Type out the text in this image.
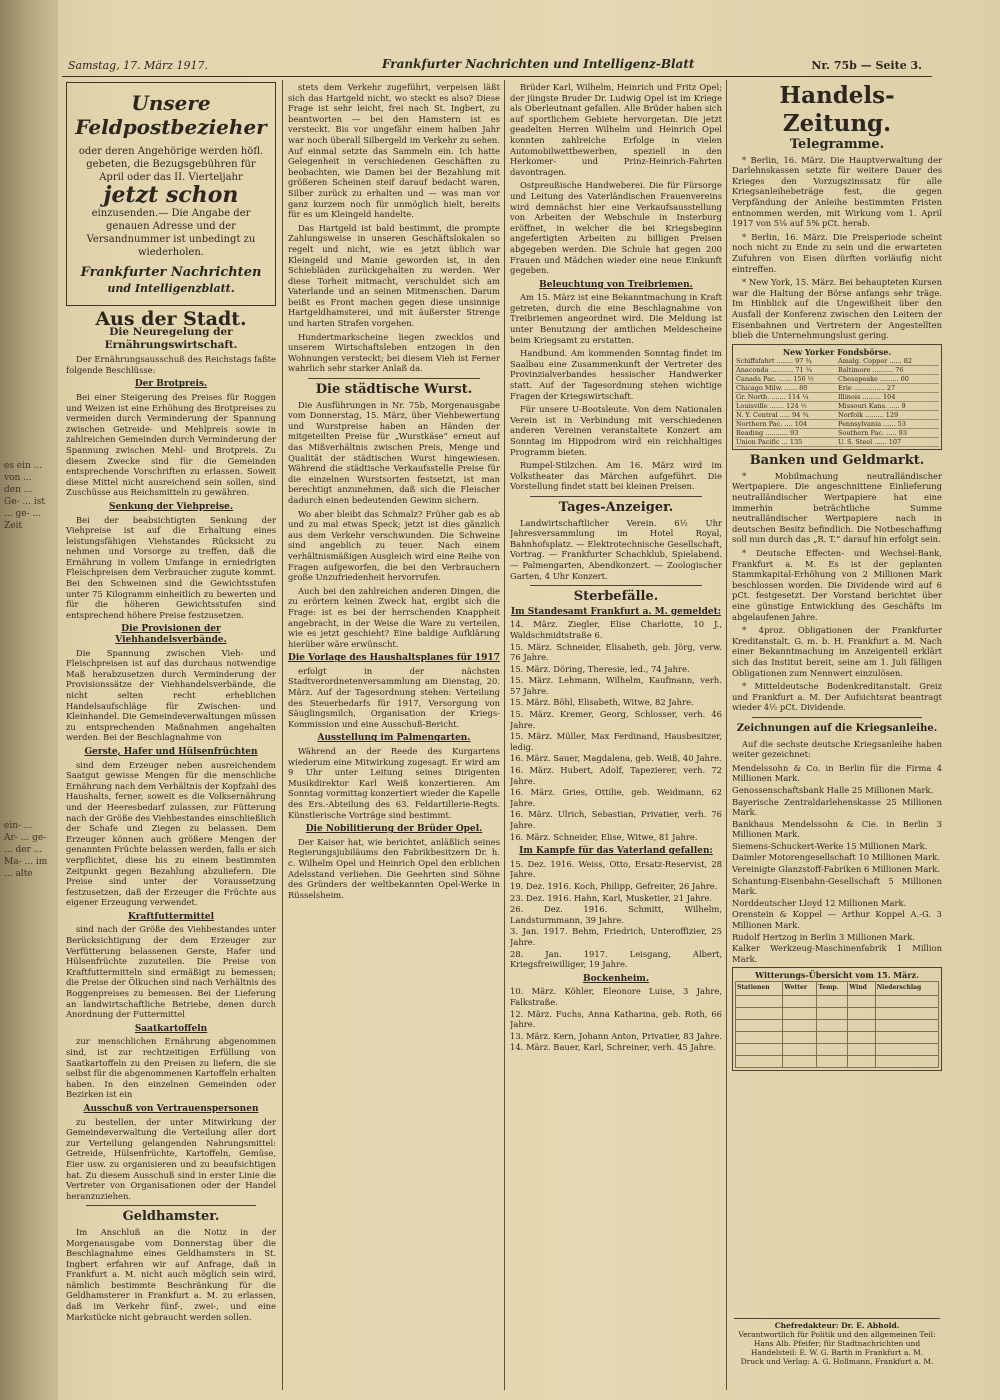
es ein ... von ... den ... Ge- ... ist ... ge- ... Zeit
ein- ... Ar- ... ge- ... der ... Ma- ... im ... alte
Samstag, 17. März 1917.	Frankfurter Nachrichten und Intelligenz-Blatt	Nr. 75b — Seite 3.
Unsere Feldpostbezieher
oder deren Angehörige werden höfl. gebeten, die Bezugsgebühren für April oder das II. Vierteljahr
jetzt schon
einzusenden.— Die Angabe der genauen Adresse und der Versandnummer ist unbedingt zu wiederholen.
Frankfurter Nachrichten
und Intelligenzblatt.
Aus der Stadt.
Die Neuregelung der Ernährungswirtschaft.

Der Ernährungsausschuß des Reichstags faßte folgende Beschlüsse:

Der Brotpreis.

Bei einer Steigerung des Preises für Roggen und Weizen ist eine Erhöhung des Brotpreises zu vermeiden durch Verminderung der Spannung zwischen Getreide- und Mehlpreis sowie in zahlreichen Gemeinden durch Verminderung der Spannung zwischen Mehl- und Brotpreis. Zu diesem Zwecke sind für die Gemeinden entsprechende Vorschriften zu erlassen. Soweit diese Mittel nicht ausreichend sein sollen, sind Zuschüsse aus Reichsmitteln zu gewähren.

Senkung der Viehpreise.

Bei der beabsichtigten Senkung der Viehpreise ist auf die Erhaltung eines leistungsfähigen Viehstandes Rücksicht zu nehmen und Vorsorge zu treffen, daß die Ernährung in vollem Umfange in erniedrigten Fleischpreisen dem Verbraucher zugute kommt. Bei den Schweinen sind die Gewichtsstufen unter 75 Kilogramm einheitlich zu bewerten und für die höheren Gewichtsstufen sind entsprechend höhere Preise festzusetzen.

Die Provisionen der Viehhandelsverbände.

Die Spannung zwischen Vieh- und Fleischpreisen ist auf das durchaus notwendige Maß herabzusetzen durch Verminderung der Provisionssätze der Viehhandelsverbände, die nicht selten recht erheblichen Handelsaufschläge für Zwischen- und Kleinhandel. Die Gemeindeverwaltungen müssen zu entsprechenden Maßnahmen angehalten werden. Bei der Beschlagnahme von

Gerste, Hafer und Hülsenfrüchten

sind dem Erzeuger neben ausreichendem Saatgut gewisse Mengen für die menschliche Ernährung nach dem Verhältnis der Kopfzahl des Haushalts, ferner, soweit es die Volksernährung und der Heeresbedarf zulassen, zur Fütterung nach der Größe des Viehbestandes einschließlich der Schafe und Ziegen zu belassen. Dem Erzeuger können auch größere Mengen der genannten Früchte belassen werden, falls er sich verpflichtet, diese bis zu einem bestimmten Zeitpunkt gegen Bezahlung abzuliefern. Die Preise sind unter der Voraussetzung festzusetzen, daß der Erzeuger die Früchte aus eigener Erzeugung verwendet.

Kraftfuttermittel

sind nach der Größe des Viehbestandes unter Berücksichtigung der dem Erzeuger zur Verfütterung belassenen Gerste, Hafer und Hülsenfrüchte zuzuteilen. Die Preise von Kraftfuttermitteln sind ermäßigt zu bemessen; die Preise der Ölkuchen sind nach Verhältnis des Roggenpreises zu bemessen. Bei der Lieferung an landwirtschaftliche Betriebe, denen durch Anordnung der Futtermittel

Saatkartoffeln

zur menschlichen Ernährung abgenommen sind, ist zur rechtzeitigen Erfüllung von Saatkartoffeln zu den Preisen zu liefern, die sie selbst für die abgenommenen Kartoffeln erhalten haben. In den einzelnen Gemeinden oder Bezirken ist ein

Ausschuß von Vertrauenspersonen

zu bestellen, der unter Mitwirkung der Gemeindeverwaltung die Verteilung aller dort zur Verteilung gelangenden Nahrungsmittel: Getreide, Hülsenfrüchte, Kartoffeln, Gemüse, Eier usw. zu organisieren und zu beaufsichtigen hat. Zu diesem Ausschuß sind in erster Linie die Vertreter von Organisationen oder der Handel heranzuziehen.

Geldhamster.

Im Anschluß an die Notiz in der Morgenausgabe vom Donnerstag über die Beschlagnahme eines Geldhamsters in St. Ingbert erfahren wir auf Anfrage, daß in Frankfurt a. M. nicht auch möglich sein wird, nämlich bestimmte Beschränkung für die Geldhamsterer in Frankfurt a. M. zu erlassen, daß im Verkehr fünf-, zwei-, und eine Markstücke nicht gebraucht werden sollen.

stets dem Verkehr zugeführt, verpeisen läßt sich das Hartgeld nicht, wo steckt es also? Diese Frage ist sehr leicht, frei nach St. Ingbert, zu beantworten — bei den Hamstern ist es versteckt. Bis vor ungefähr einem halben Jahr war noch überall Silbergeld im Verkehr zu sehen. Auf einmal setzte das Sammeln ein. Ich hatte Gelegenheit in verschiedenen Geschäften zu beobachten, wie Damen bei der Bezahlung mit größeren Scheinen steif darauf bedacht waren, Silber zurück zu erhalten und — was man vor ganz kurzem noch für unmöglich hielt, bereits für es um Kleingeld handelte.

Das Hartgeld ist bald bestimmt, die prompte Zahlungsweise in unseren Geschäftslokalen so regelt und nicht, wie es jetzt üblich war Kleingeld und Manie geworden ist, in den Schiebläden zurückgehalten zu werden. Wer diese Torheit mitmacht, verschuldet sich am Vaterlande und an seinen Mitmenschen. Darum beißt es Front machen gegen diese unsinnige Hartgeldhamsterei, und mit äußerster Strenge und harten Strafen vorgehen.

Hundertmarkscheine liegen zwecklos und unserem Wirtschaftsleben entzogen in den Wohnungen versteckt; bei diesem Vieh ist Ferner wahrlich sehr starker Anlaß da.

Die städtische Wurst.

Die Ausführungen in Nr. 75b, Morgenausgabe vom Donnerstag, 15. März, über Viehbewertung und Wurstpreise haben an Händen der mitgeteilten Preise für „Wurstkäse“ erneut auf das Mißverhältnis zwischen Preis, Menge und Qualität der städtischen Wurst hingewiesen. Während die städtische Verkaufsstelle Preise für die einzelnen Wurstsorten festsetzt, ist man berechtigt anzunehmen, daß sich die Fleischer dadurch einen bedeutenden Gewinn sichern.

Wo aber bleibt das Schmalz? Früher gab es ab und zu mal etwas Speck; jetzt ist dies gänzlich aus dem Verkehr verschwunden. Die Schweine sind angeblich zu teuer. Nach einem verhältnismäßigen Ausgleich wird eine Reihe von Fragen aufgeworfen, die bei den Verbrauchern große Unzufriedenheit hervorrufen.

Auch bei den zahlreichen anderen Dingen, die zu erörtern keinen Zweck hat, ergibt sich die Frage: ist es bei der herrschenden Knappheit angebracht, in der Weise die Ware zu verteilen, wie es jetzt geschieht? Eine baldige Aufklärung hierüber wäre erwünscht.

Die Vorlage des Haushaltsplanes für 1917

erfolgt in der nächsten Stadtverordnetenversammlung am Dienstag, 20. März. Auf der Tagesordnung stehen: Verteilung des Steuerbedarfs für 1917, Versorgung von Säuglingsmilch, Organisation der Kriegs-Kommission und eine Ausschuß-Bericht.

Ausstellung im Palmengarten.

Während an der Reede des Kurgartens wiederum eine Mitwirkung zugesagt. Er wird am 9 Uhr unter Leitung seines Dirigenten Musikdirektor Karl Weiß konzertieren. Am Sonntag vormittag konzertiert wieder die Kapelle des Ers.-Abteilung des 63. Feldartillerie-Regts. Künstlerische Vorträge sind bestimmt.

Die Nobilitierung der Brüder Opel.

Der Kaiser hat, wie berichtet, anläßlich seines Regierungsjubiläums den Fabrikbesitzern Dr. h. c. Wilhelm Opel und Heinrich Opel den erblichen Adelsstand verliehen. Die Geehrten sind Söhne des Gründers der weltbekannten Opel-Werke in Rüsselsheim.

Brüder Karl, Wilhelm, Heinrich und Fritz Opel; der jüngste Bruder Dr. Ludwig Opel ist im Kriege als Oberleutnant gefallen. Alle Brüder haben sich auf sportlichem Gebiete hervorgetan. Die jetzt geadelten Herren Wilhelm und Heinrich Opel konnten zahlreiche Erfolge in vielen Automobilwettbewerben, speziell in den Herkomer- und Prinz-Heinrich-Fahrten davontragen.

Ostpreußische Handweberei. Die für Fürsorge und Leitung des Vaterländischen Frauenvereins wird demnächst hier eine Verkaufsausstellung von Arbeiten der Webschule in Insterburg eröffnet, in welcher die bei Kriegsbeginn angefertigten Arbeiten zu billigen Preisen abgegeben werden. Die Schule hat gegen 200 Frauen und Mädchen wieder eine neue Einkunft gegeben.

Beleuchtung von Treibriemen.

Am 15. März ist eine Bekanntmachung in Kraft getreten, durch die eine Beschlagnahme von Treibriemen angeordnet wird. Die Meldung ist unter Benutzung der amtlichen Meldescheine beim Kriegsamt zu erstatten.

Handbund. Am kommenden Sonntag findet im Saalbau eine Zusammenkunft der Vertreter des Provinzialverbandes hessischer Handwerker statt. Auf der Tagesordnung stehen wichtige Fragen der Kriegswirtschaft.

Für unsere U-Bootsleute. Von dem Nationalen Verein ist in Verbindung mit verschiedenen anderen Vereinen veranstaltete Konzert am Sonntag im Hippodrom wird ein reichhaltiges Programm bieten.

Rumpel-Stilzchen. Am 16. März wird im Volkstheater das Märchen aufgeführt. Die Vorstellung findet statt bei kleinen Preisen.

Tages-Anzeiger.

Landwirtschaftlicher Verein. 6½ Uhr Jahresversammlung im Hotel Royal, Bahnhofsplatz. — Elektrotechnische Gesellschaft, Vortrag. — Frankfurter Schachklub, Spielabend. — Palmengarten, Abendkonzert. — Zoologischer Garten, 4 Uhr Konzert.

Sterbefälle.
Im Standesamt Frankfurt a. M. gemeldet:

14. März. Ziegler, Elise Charlotte, 10 J., Waldschmidtstraße 6.

15. März. Schneider, Elisabeth, geb. Jörg, verw. 76 Jahre.

15. März. Döring, Theresie, led., 74 Jahre.

15. März. Lehmann, Wilhelm, Kaufmann, verh. 57 Jahre.

15. März. Böhl, Elisabeth, Witwe, 82 Jahre.

15. März. Kremer, Georg, Schlosser, verh. 46 Jahre.

15. März. Müller, Max Ferdinand, Hausbesitzer, ledig.

16. März. Sauer, Magdalena, geb. Weiß, 40 Jahre.

16. März. Hubert, Adolf, Tapezierer, verh. 72 Jahre.

16. März. Gries, Ottilie, geb. Weidmann, 62 Jahre.

16. März. Ulrich, Sebastian, Privatier, verh. 76 Jahre.

16. März. Schneider, Elise, Witwe, 81 Jahre.

Im Kampfe für das Vaterland gefallen:

15. Dez. 1916. Weiss, Otto, Ersatz-Reservist, 28 Jahre.

19. Dez. 1916. Koch, Philipp, Gefreiter, 26 Jahre.

23. Dez. 1916. Hahn, Karl, Musketier, 21 Jahre.

26. Dez. 1916. Schmitt, Wilhelm, Landsturmmann, 39 Jahre.

3. Jan. 1917. Behm, Friedrich, Unteroffizier, 25 Jahre.

28. Jan. 1917. Leisgang, Albert, Kriegsfreiwilliger, 19 Jahre.

Bockenheim.

10. März. Köhler, Eleonore Luise, 3 Jahre, Falkstraße.

12. März. Fuchs, Anna Katharina, geb. Roth, 66 Jahre.

13. März. Kern, Johann Anton, Privatier, 83 Jahre.

14. März. Bauer, Karl, Schreiner, verh. 45 Jahre.

Handels-Zeitung.
Telegramme.

* Berlin, 16. März. Die Hauptverwaltung der Darlehnskassen setzte für weitere Dauer des Krieges den Vorzugszinssatz für alle Kriegsanleihebeträge fest, die gegen Verpfändung der Anleihe bestimmten Fristen entnommen werden, mit Wirkung vom 1. April 1917 von 5⅛ auf 5% pCt. herab.

* Berlin, 16. März. Die Preisperiode scheint noch nicht zu Ende zu sein und die erwarteten Zufuhren von Eisen dürften vorläufig nicht eintreffen.

* New York, 15. März. Bei behaupteten Kursen war die Haltung der Börse anfangs sehr träge. Im Hinblick auf die Ungewißheit über den Ausfall der Konferenz zwischen den Leitern der Eisenbahnen und Vertretern der Angestellten blieb die Unternehmungslust gering.

New Yorker Fondsbörse.
Schiffsfahrt ........ 97 ¾	Amalg. Copper ...... 82
Anaconda ........... 71 ¼	Baltimore .......... 76
Canada Pac. ...... 156 ½	Chesapeake ......... 60
Chicago Milw. ...... 80	Erie ............... 27
Gr. North. ....... 114 ¼	Illinois ......... 104
Louisville ....... 124 ½	Missouri Kans. ..... 9
N. Y. Central ..... 94 ¾	Norfolk ......... 129
Northern Pac. .... 104	Pennsylvania ...... 53
Reading ........... 93	Southern Pac. ..... 93
Union Pacific ... 135	U. S. Steel ...... 107
Banken und Geldmarkt.

* Mobilmachung neutralländischer Wertpapiere. Die angeschnittene Einlieferung neutralländischer Wertpapiere hat eine immerhin beträchtliche Summe neutralländischer Wertpapiere nach in deutschen Besitz befindlich. Die Notbeschaffung soll nun durch das „R. T.“ darauf hin erfolgt sein.

* Deutsche Effecten- und Wechsel-Bank, Frankfurt a. M. Es ist der geplanten Stammkapital-Erhöhung von 2 Millionen Mark beschlossen worden. Die Dividende wird auf 6 pCt. festgesetzt. Der Vorstand berichtet über eine günstige Entwicklung des Geschäfts im abgelaufenen Jahre.

* 4proz. Obligationen der Frankfurter Kreditanstalt. G. m. b. H. Frankfurt a. M. Nach einer Bekanntmachung im Anzeigenteil erklärt sich das Institut bereit, seine am 1. Juli fälligen Obligationen zum Nennwert einzulösen.

* Mitteldeutsche Bodenkreditanstalt. Greiz und Frankfurt a. M. Der Aufsichtsrat beantragt wieder 4½ pCt. Dividende.

Zeichnungen auf die Kriegsanleihe.

Auf die sechste deutsche Kriegsanleihe haben weiter gezeichnet:

Mendelssohn & Co. in Berlin für die Firma 4 Millionen Mark.

Genossenschaftsbank Halle 25 Millionen Mark.

Bayerische Zentraldarlehenskasse 25 Millionen Mark.

Bankhaus Mendelssohn & Cie. in Berlin 3 Millionen Mark.

Siemens-Schuckert-Werke 15 Millionen Mark.

Daimler Motorengesellschaft 10 Millionen Mark.

Vereinigte Glanzstoff-Fabriken 6 Millionen Mark.

Schantung-Eisenbahn-Gesellschaft 5 Millionen Mark.

Norddeutscher Lloyd 12 Millionen Mark.

Orenstein & Koppel — Arthur Koppel A.-G. 3 Millionen Mark.

Rudolf Hertzog in Berlin 3 Millionen Mark.

Kalker Werkzeug-Maschinenfabrik 1 Million Mark.

Witterungs-Übersicht vom 15. März.
Stationen	Wetter	Temp.	Wind	Niederschlag

Chefredakteur: Dr. E. Abhold.
Verantwortlich für Politik und den allgemeinen Teil: Hans Alb. Pfeifer; für Stadtnachrichten und Handelsteil: E. W. G. Barth in Frankfurt a. M.
Druck und Verlag: A. G. Hollmann, Frankfurt a. M.
